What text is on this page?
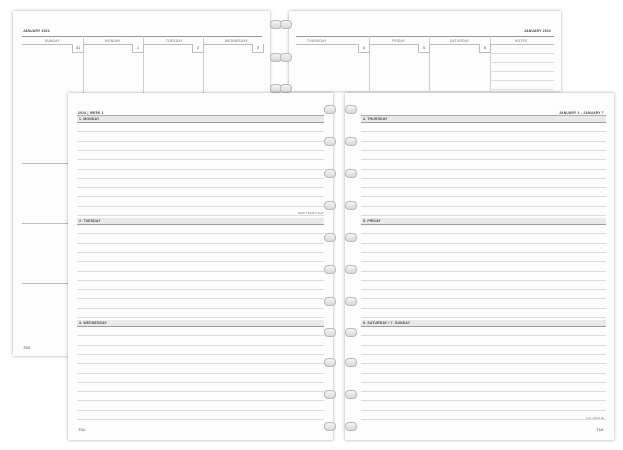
JANUARY 2024
SUNDAY	MONDAY	TUESDAY	WEDNESDAY
31	1	2	3
TUL
JANUARY 2024
THURSDAY	FRIDAY	SATURDAY	NOTES
4	5	6
2024 | WEEK 1
1. MONDAY
2. TUESDAY
3. WEDNESDAY
NEW YEAR'S DAY
TUL
JANUARY 1 - JANUARY 7
4. THURSDAY
5. FRIDAY
6. SATURDAY / 7. SUNDAY
TUL
